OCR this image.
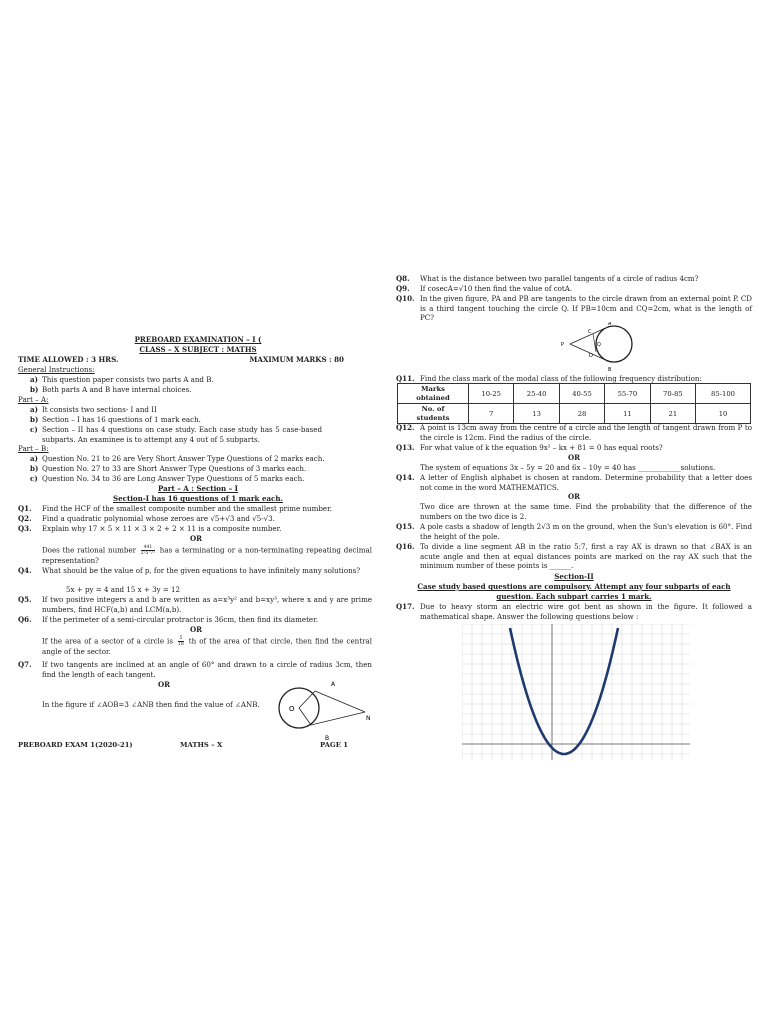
PREBOARD EXAMINATION – I (
CLASS – X SUBJECT : MATHS
TIME ALLOWED : 3 HRS.	MAXIMUM MARKS : 80
General Instructions:
a) This question paper consists two parts A and B.
b) Both parts A and B have internal choices.
Part – A:
a) It consists two sections- I and II
b) Section – I has 16 questions of 1 mark each.
c) Section – II has 4 questions on case study. Each case study has 5 case-based subparts. An examinee is to attempt any 4 out of 5 subparts.
Part – B:
a) Question No. 21 to 26 are Very Short Answer Type Questions of 2 marks each.
b) Question No. 27 to 33 are Short Answer Type Questions of 3 marks each.
c) Question No. 34 to 36 are Long Answer Type Questions of 5 marks each.
Part – A : Section – I
Section-I has 16 questions of 1 mark each.
Q1. Find the HCF of the smallest composite number and the smallest prime number.
Q2. Find a quadratic polynomial whose zeroes are √5+√3 and √5-√3.
Q3. Explain why 17 × 5 × 11 × 3 × 2 + 2 × 11 is a composite number.
OR
Does the rational number $\frac{441}{\text{2²5⁷7²}}$ has a terminating or a non-terminating repeating decimal representation?
Q4. What should be the value of p, for the given equations to have infinitely many solutions?
5x + py = 4 and 15 x + 3y = 12
Q5. If two positive integers a and b are written as a=x³y² and b=xy³, where x and y are prime numbers, find HCF(a,b) and LCM(a,b).
Q6. If the perimeter of a semi-circular protractor is 36cm, then find its diameter.
OR
If the area of a sector of a circle is $\frac{5}{18}$ th of the area of that circle, then find the central angle of the sector.
Q7. If two tangents are inclined at an angle of 60° and drawn to a circle of radius 3cm, then find the length of each tangent.
OR
In the figure if ∠AOB=3 ∠ANB then find the value of ∠ANB.
A
B
O
N
PREBOARD EXAM 1(2020-21)	MATHS – X	PAGE 1
Q8. What is the distance between two parallel tangents of a circle of radius 4cm?
Q9. If cosecA=√10 then find the value of cotA.
Q10. In the given figure, PA and PB are tangents to the circle drawn from an external point P. CD is a third tangent touching the circle Q. If PB=10cm and CQ=2cm, what is the length of PC?
A
B
C
D
P	Q
Q11. Find the class mark of the modal class of the following frequency distribution:
Marks
obtained	10-25	25-40	40-55	55-70	70-85	85-100
No. of
students	7	13	28	11	21	10
Q12. A point is 13cm away from the centre of a circle and the length of tangent drawn from P to the circle is 12cm. Find the radius of the circle.
Q13. For what value of k the equation 9x² – kx + 81 = 0 has equal roots?
OR
The system of equations 3x – 5y = 20 and 6x – 10y = 40 has ____________solutions.
Q14. A letter of English alphabet is chosen at random. Determine probability that a letter does not come in the word MATHEMATICS.
OR
Two dice are thrown at the same time. Find the probability that the difference of the numbers on the two dice is 2.
Q15. A pole casts a shadow of length 2√3 m on the ground, when the Sun's elevation is 60°. Find the height of the pole.
Q16. To divide a line segment AB in the ratio 5:7, first a ray AX is drawn so that ∠BAX is an acute angle and then at equal distances points are marked on the ray AX such that the minimum number of these points is ______.
Section-II
Case study based questions are compulsory. Attempt any four subparts of each
question. Each subpart carries 1 mark.
Q17. Due to heavy storm an electric wire got bent as shown in the figure. It followed a mathematical shape. Answer the following questions below :
